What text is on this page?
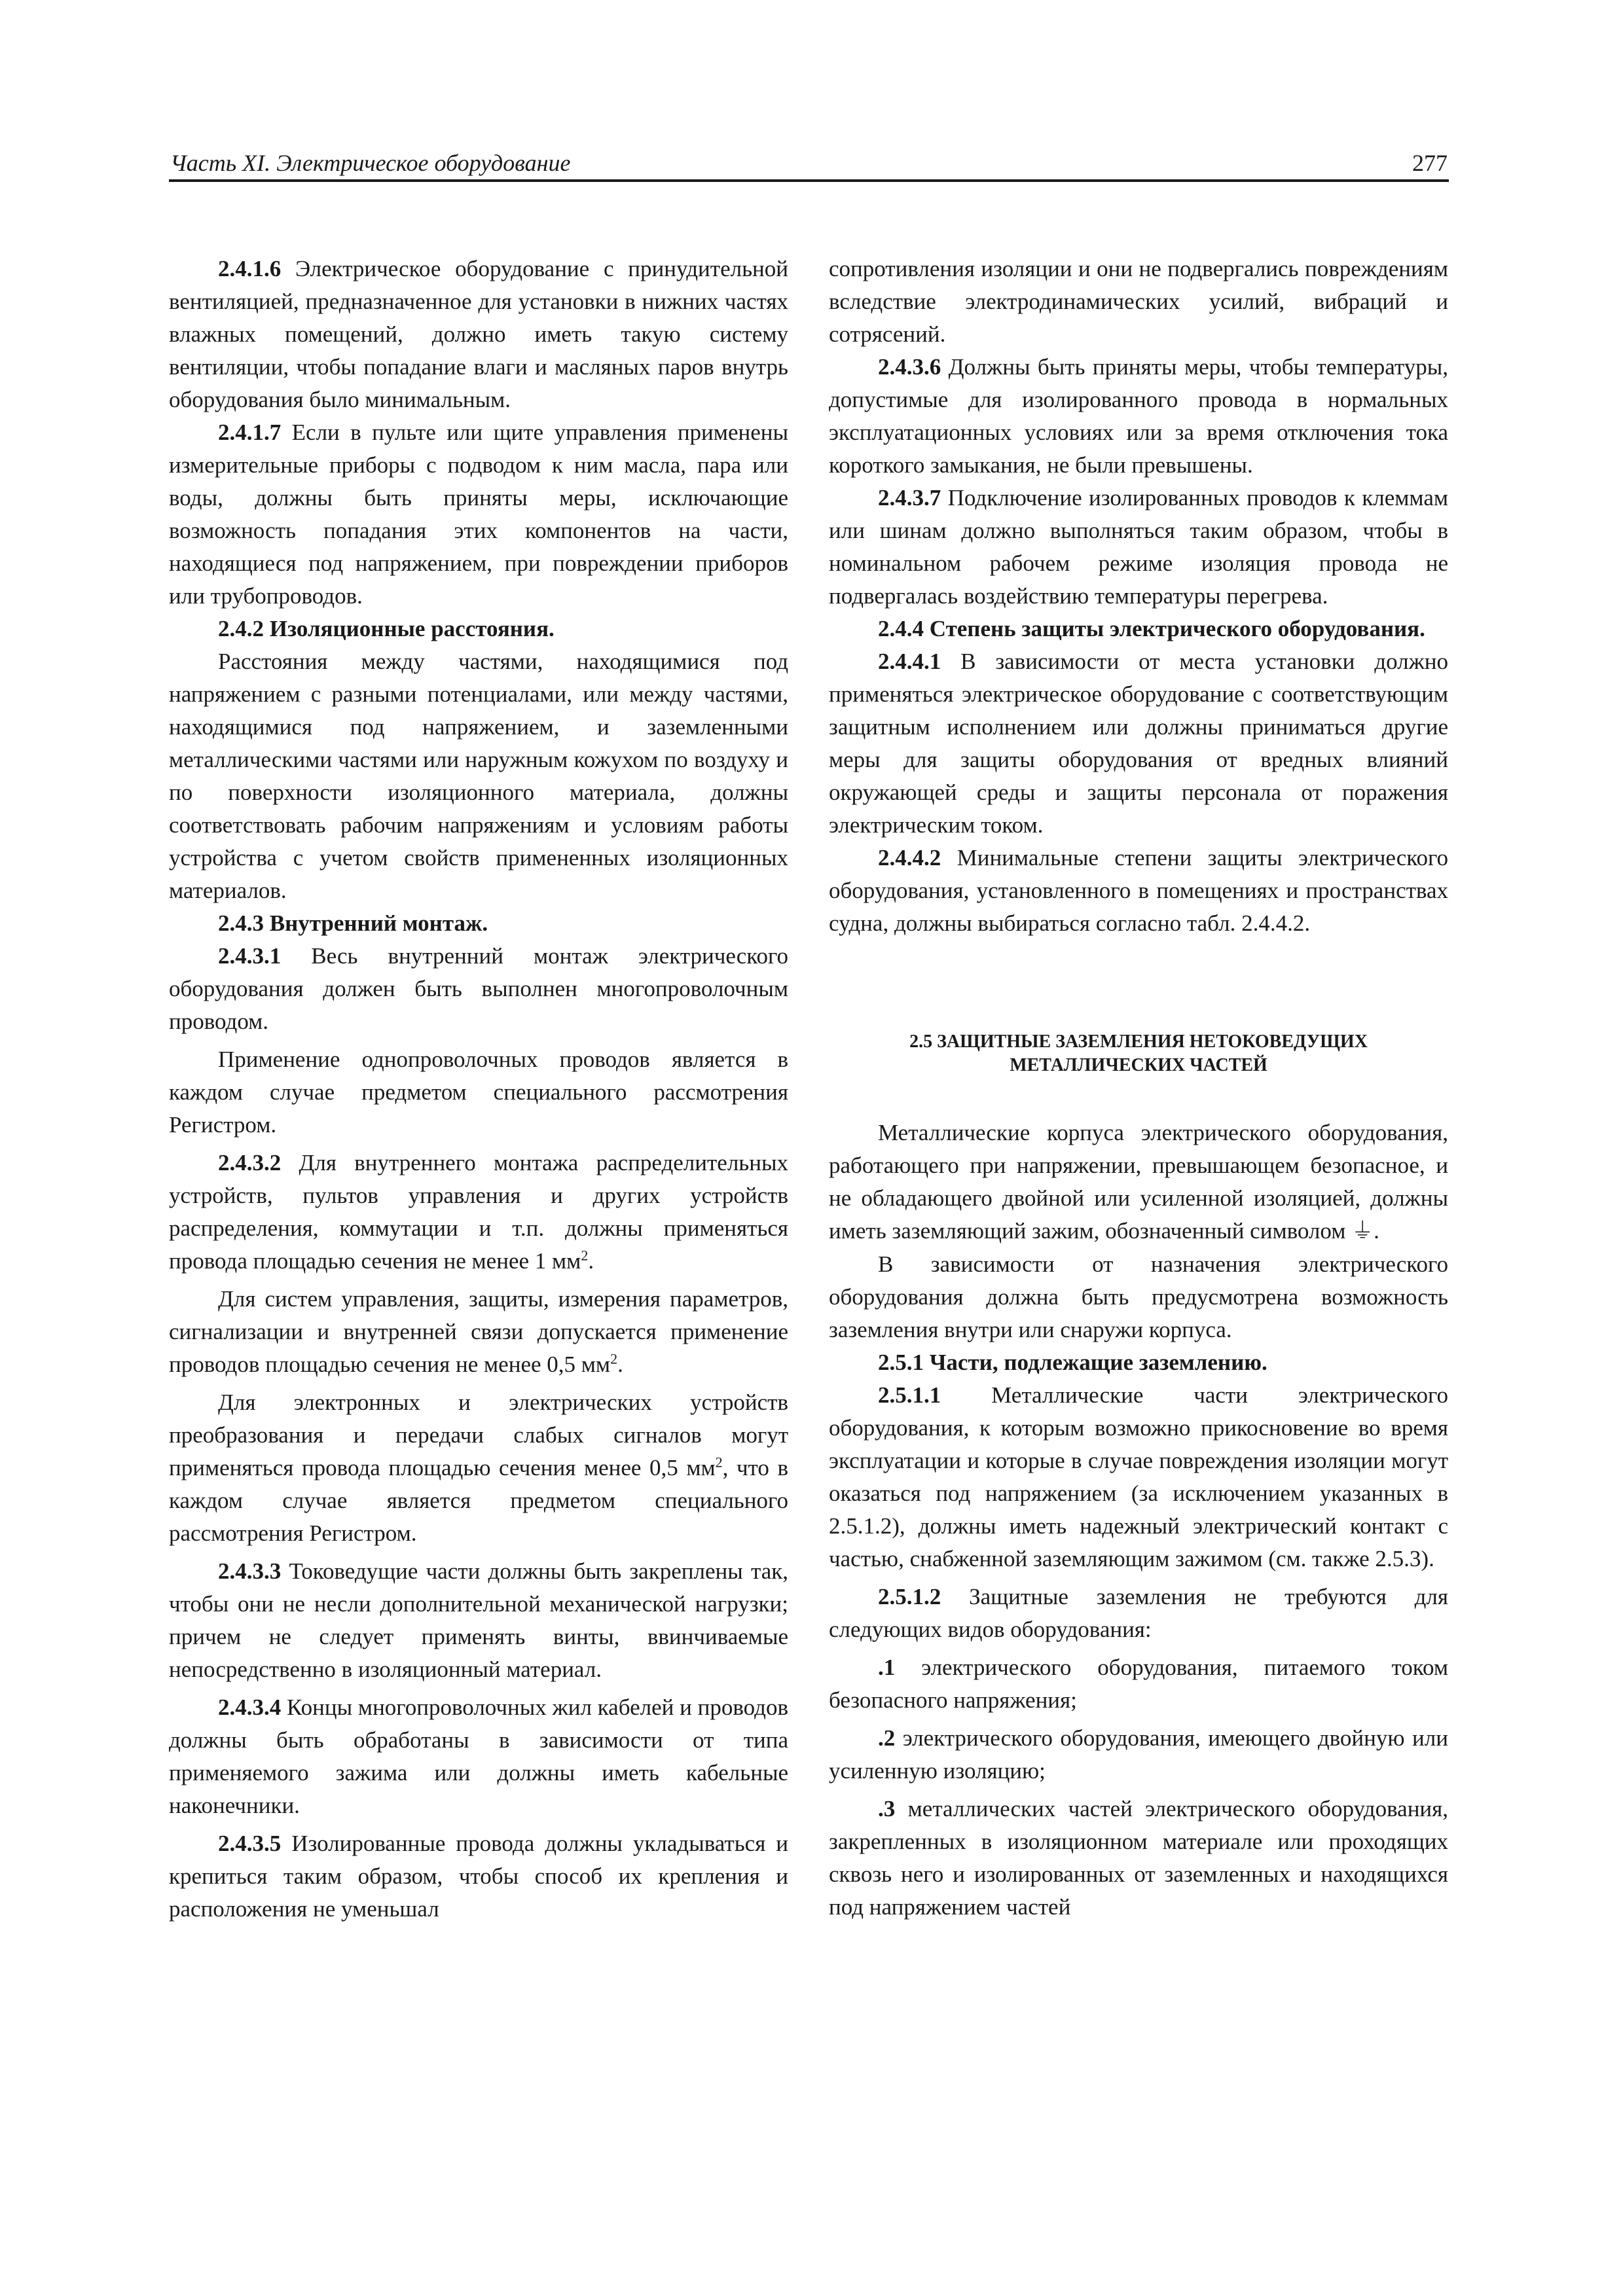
Часть XI. Электрическое оборудование	277

2.4.1.6 Электрическое оборудование с принудительной вентиляцией, предназначенное для установки в нижних частях влажных помещений, должно иметь такую систему вентиляции, чтобы попадание влаги и масляных паров внутрь оборудования было минимальным.

2.4.1.7 Если в пульте или щите управления применены измерительные приборы с подводом к ним масла, пара или воды, должны быть приняты меры, исключающие возможность попадания этих компонентов на части, находящиеся под напряжением, при повреждении приборов или трубопроводов.

2.4.2 Изоляционные расстояния.

Расстояния между частями, находящимися под напряжением с разными потенциалами, или между частями, находящимися под напряжением, и заземленными металлическими частями или наружным кожухом по воздуху и по поверхности изоляционного материала, должны соответствовать рабочим напряжениям и условиям работы устройства с учетом свойств примененных изоляционных материалов.

2.4.3 Внутренний монтаж.

2.4.3.1 Весь внутренний монтаж электрического оборудования должен быть выполнен многопроволочным проводом.

Применение однопроволочных проводов является в каждом случае предметом специального рассмотрения Регистром.

2.4.3.2 Для внутреннего монтажа распределительных устройств, пультов управления и других устройств распределения, коммутации и т.п. должны применяться провода площадью сечения не менее 1 $мм^2$.

Для систем управления, защиты, измерения параметров, сигнализации и внутренней связи допускается применение проводов площадью сечения не менее 0,5 $мм^2$.

Для электронных и электрических устройств преобразования и передачи слабых сигналов могут применяться провода площадью сечения менее 0,5 $мм^2$, что в каждом случае является предметом специального рассмотрения Регистром.

2.4.3.3 Токоведущие части должны быть закреплены так, чтобы они не несли дополнительной механической нагрузки; причем не следует применять винты, ввинчиваемые непосредственно в изоляционный материал.

2.4.3.4 Концы многопроволочных жил кабелей и проводов должны быть обработаны в зависимости от типа применяемого зажима или должны иметь кабельные наконечники.

2.4.3.5 Изолированные провода должны укладываться и крепиться таким образом, чтобы способ их крепления и расположения не уменьшал

сопротивления изоляции и они не подвергались повреждениям вследствие электродинамических усилий, вибраций и сотрясений.

2.4.3.6 Должны быть приняты меры, чтобы температуры, допустимые для изолированного провода в нормальных эксплуатационных условиях или за время отключения тока короткого замыкания, не были превышены.

2.4.3.7 Подключение изолированных проводов к клеммам или шинам должно выполняться таким образом, чтобы в номинальном рабочем режиме изоляция провода не подвергалась воздействию температуры перегрева.

2.4.4 Степень защиты электрического оборудования.

2.4.4.1 В зависимости от места установки должно применяться электрическое оборудование с соответствующим защитным исполнением или должны приниматься другие меры для защиты оборудования от вредных влияний окружающей среды и защиты персонала от поражения электрическим током.

2.4.4.2 Минимальные степени защиты электрического оборудования, установленного в помещениях и пространствах судна, должны выбираться согласно табл. 2.4.4.2.

2.5 ЗАЩИТНЫЕ ЗАЗЕМЛЕНИЯ НЕТОКОВЕДУЩИХ
МЕТАЛЛИЧЕСКИХ ЧАСТЕЙ

Металлические корпуса электрического оборудования, работающего при напряжении, превышающем безопасное, и не обладающего двойной или усиленной изоляцией, должны иметь заземляющий зажим, обозначенный символом ⏚.

В зависимости от назначения электрического оборудования должна быть предусмотрена возможность заземления внутри или снаружи корпуса.

2.5.1 Части, подлежащие заземлению.

2.5.1.1 Металлические части электрического оборудования, к которым возможно прикосновение во время эксплуатации и которые в случае повреждения изоляции могут оказаться под напряжением (за исключением указанных в 2.5.1.2), должны иметь надежный электрический контакт с частью, снабженной заземляющим зажимом (см. также 2.5.3).

2.5.1.2 Защитные заземления не требуются для следующих видов оборудования:

.1 электрического оборудования, питаемого током безопасного напряжения;

.2 электрического оборудования, имеющего двойную или усиленную изоляцию;

.3 металлических частей электрического оборудования, закрепленных в изоляционном материале или проходящих сквозь него и изолированных от заземленных и находящихся под напряжением частей
